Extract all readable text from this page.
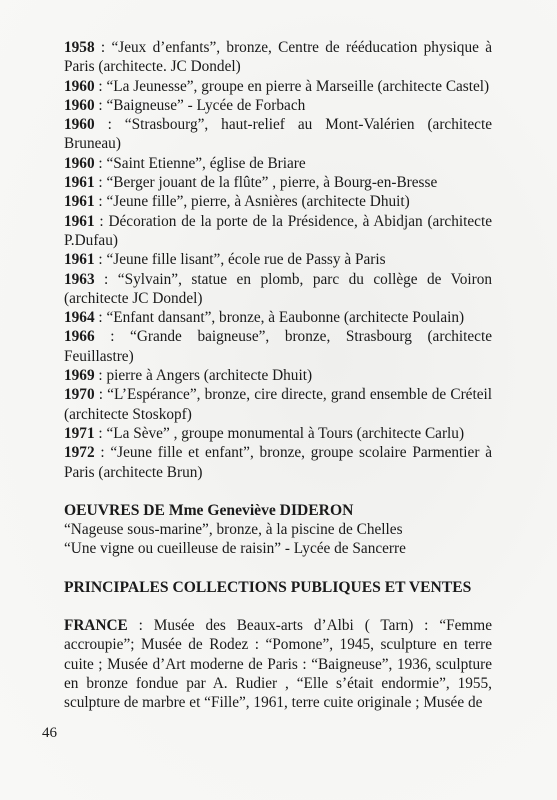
1958 : “Jeux d’enfants”, bronze, Centre de rééducation physique à Paris (architecte. JC Dondel)

1960 : “La Jeunesse”, groupe en pierre à Marseille (architecte Castel)

1960 : “Baigneuse” - Lycée de Forbach

1960 : “Strasbourg”, haut-relief au Mont-Valérien (architecte Bruneau)

1960 : “Saint Etienne”, église de Briare

1961 : “Berger jouant de la flûte” , pierre, à Bourg-en-Bresse

1961 : “Jeune fille”, pierre, à Asnières (architecte Dhuit)

1961 : Décoration de la porte de la Présidence, à Abidjan (architecte P.Dufau)

1961 : “Jeune fille lisant”, école rue de Passy à Paris

1963 : “Sylvain”, statue en plomb, parc du collège de Voiron (architecte JC Dondel)

1964 : “Enfant dansant”, bronze, à Eaubonne (architecte Poulain)

1966 : “Grande baigneuse”, bronze, Strasbourg (architecte Feuillastre)

1969 : pierre à Angers (architecte Dhuit)

1970 : “L’Espérance”, bronze, cire directe, grand ensemble de Créteil (architecte Stoskopf)

1971 : “La Sève” , groupe monumental à Tours (architecte Carlu)

1972 : “Jeune fille et enfant”, bronze, groupe scolaire Parmentier à Paris (architecte Brun)

OEUVRES DE Mme Geneviève DIDERON

“Nageuse sous-marine”, bronze, à la piscine de Chelles

“Une vigne ou cueilleuse de raisin” - Lycée de Sancerre

PRINCIPALES COLLECTIONS PUBLIQUES ET VENTES

FRANCE : Musée des Beaux-arts d’Albi ( Tarn) : “Femme accroupie”; Musée de Rodez : “Pomone”, 1945, sculpture en terre cuite ; Musée d’Art moderne de Paris : “Baigneuse”, 1936, sculpture en bronze fondue par A. Rudier , “Elle s’était endormie”, 1955, sculpture de marbre et “Fille”, 1961, terre cuite originale ; Musée de

46
